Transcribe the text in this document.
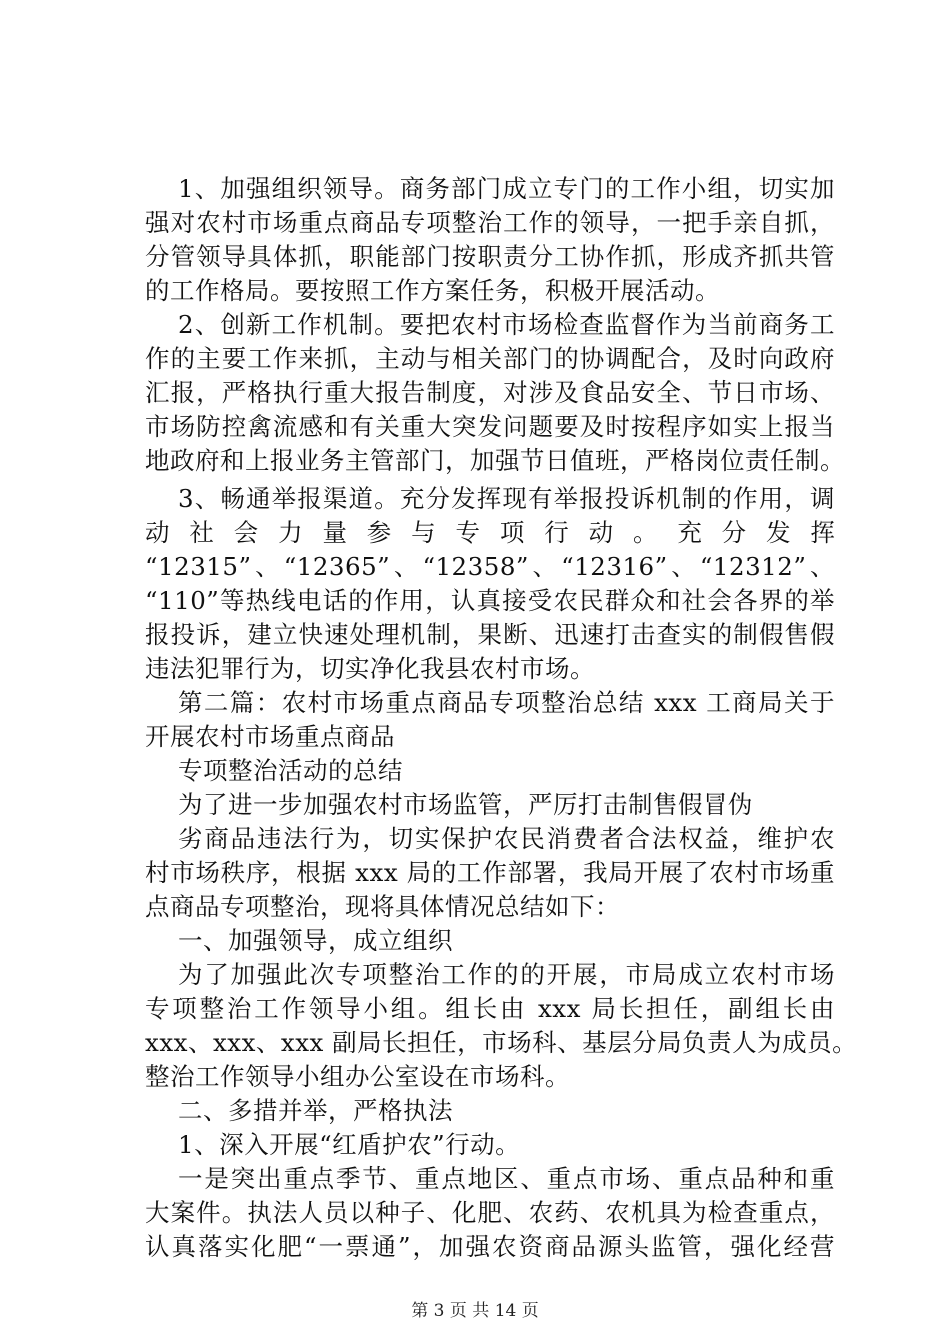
1、加强组织领导。商务部门成立专门的工作小组，切实加
强对农村市场重点商品专项整治工作的领导，一把手亲自抓，
分管领导具体抓，职能部门按职责分工协作抓，形成齐抓共管
的工作格局。要按照工作方案任务，积极开展活动。
2、创新工作机制。要把农村市场检查监督作为当前商务工
作的主要工作来抓，主动与相关部门的协调配合，及时向政府
汇报，严格执行重大报告制度，对涉及食品安全、节日市场、
市场防控禽流感和有关重大突发问题要及时按程序如实上报当
地政府和上报业务主管部门，加强节日值班，严格岗位责任制。
3、畅通举报渠道。充分发挥现有举报投诉机制的作用，调
动 社 会 力 量 参 与 专 项 行 动 。 充 分 发 挥
“12315”、“12365”、“12358”、“12316”、“12312”、
“110”等热线电话的作用，认真接受农民群众和社会各界的举
报投诉，建立快速处理机制，果断、迅速打击查实的制假售假
违法犯罪行为，切实净化我县农村市场。
第二篇：农村市场重点商品专项整治总结 xxx 工商局关于
开展农村市场重点商品
专项整治活动的总结
为了进一步加强农村市场监管，严厉打击制售假冒伪
劣商品违法行为，切实保护农民消费者合法权益，维护农
村市场秩序，根据 xxx 局的工作部署，我局开展了农村市场重
点商品专项整治，现将具体情况总结如下：
一、加强领导，成立组织
为了加强此次专项整治工作的的开展，市局成立农村市场
专项整治工作领导小组。组长由 xxx 局长担任，副组长由
xxx、xxx、xxx 副局长担任，市场科、基层分局负责人为成员。
整治工作领导小组办公室设在市场科。
二、多措并举，严格执法
1、深入开展“红盾护农”行动。
一是突出重点季节、重点地区、重点市场、重点品种和重
大案件。执法人员以种子、化肥、农药、农机具为检查重点，
认真落实化肥“一票通”，加强农资商品源头监管，强化经营
第 3 页 共 14 页
